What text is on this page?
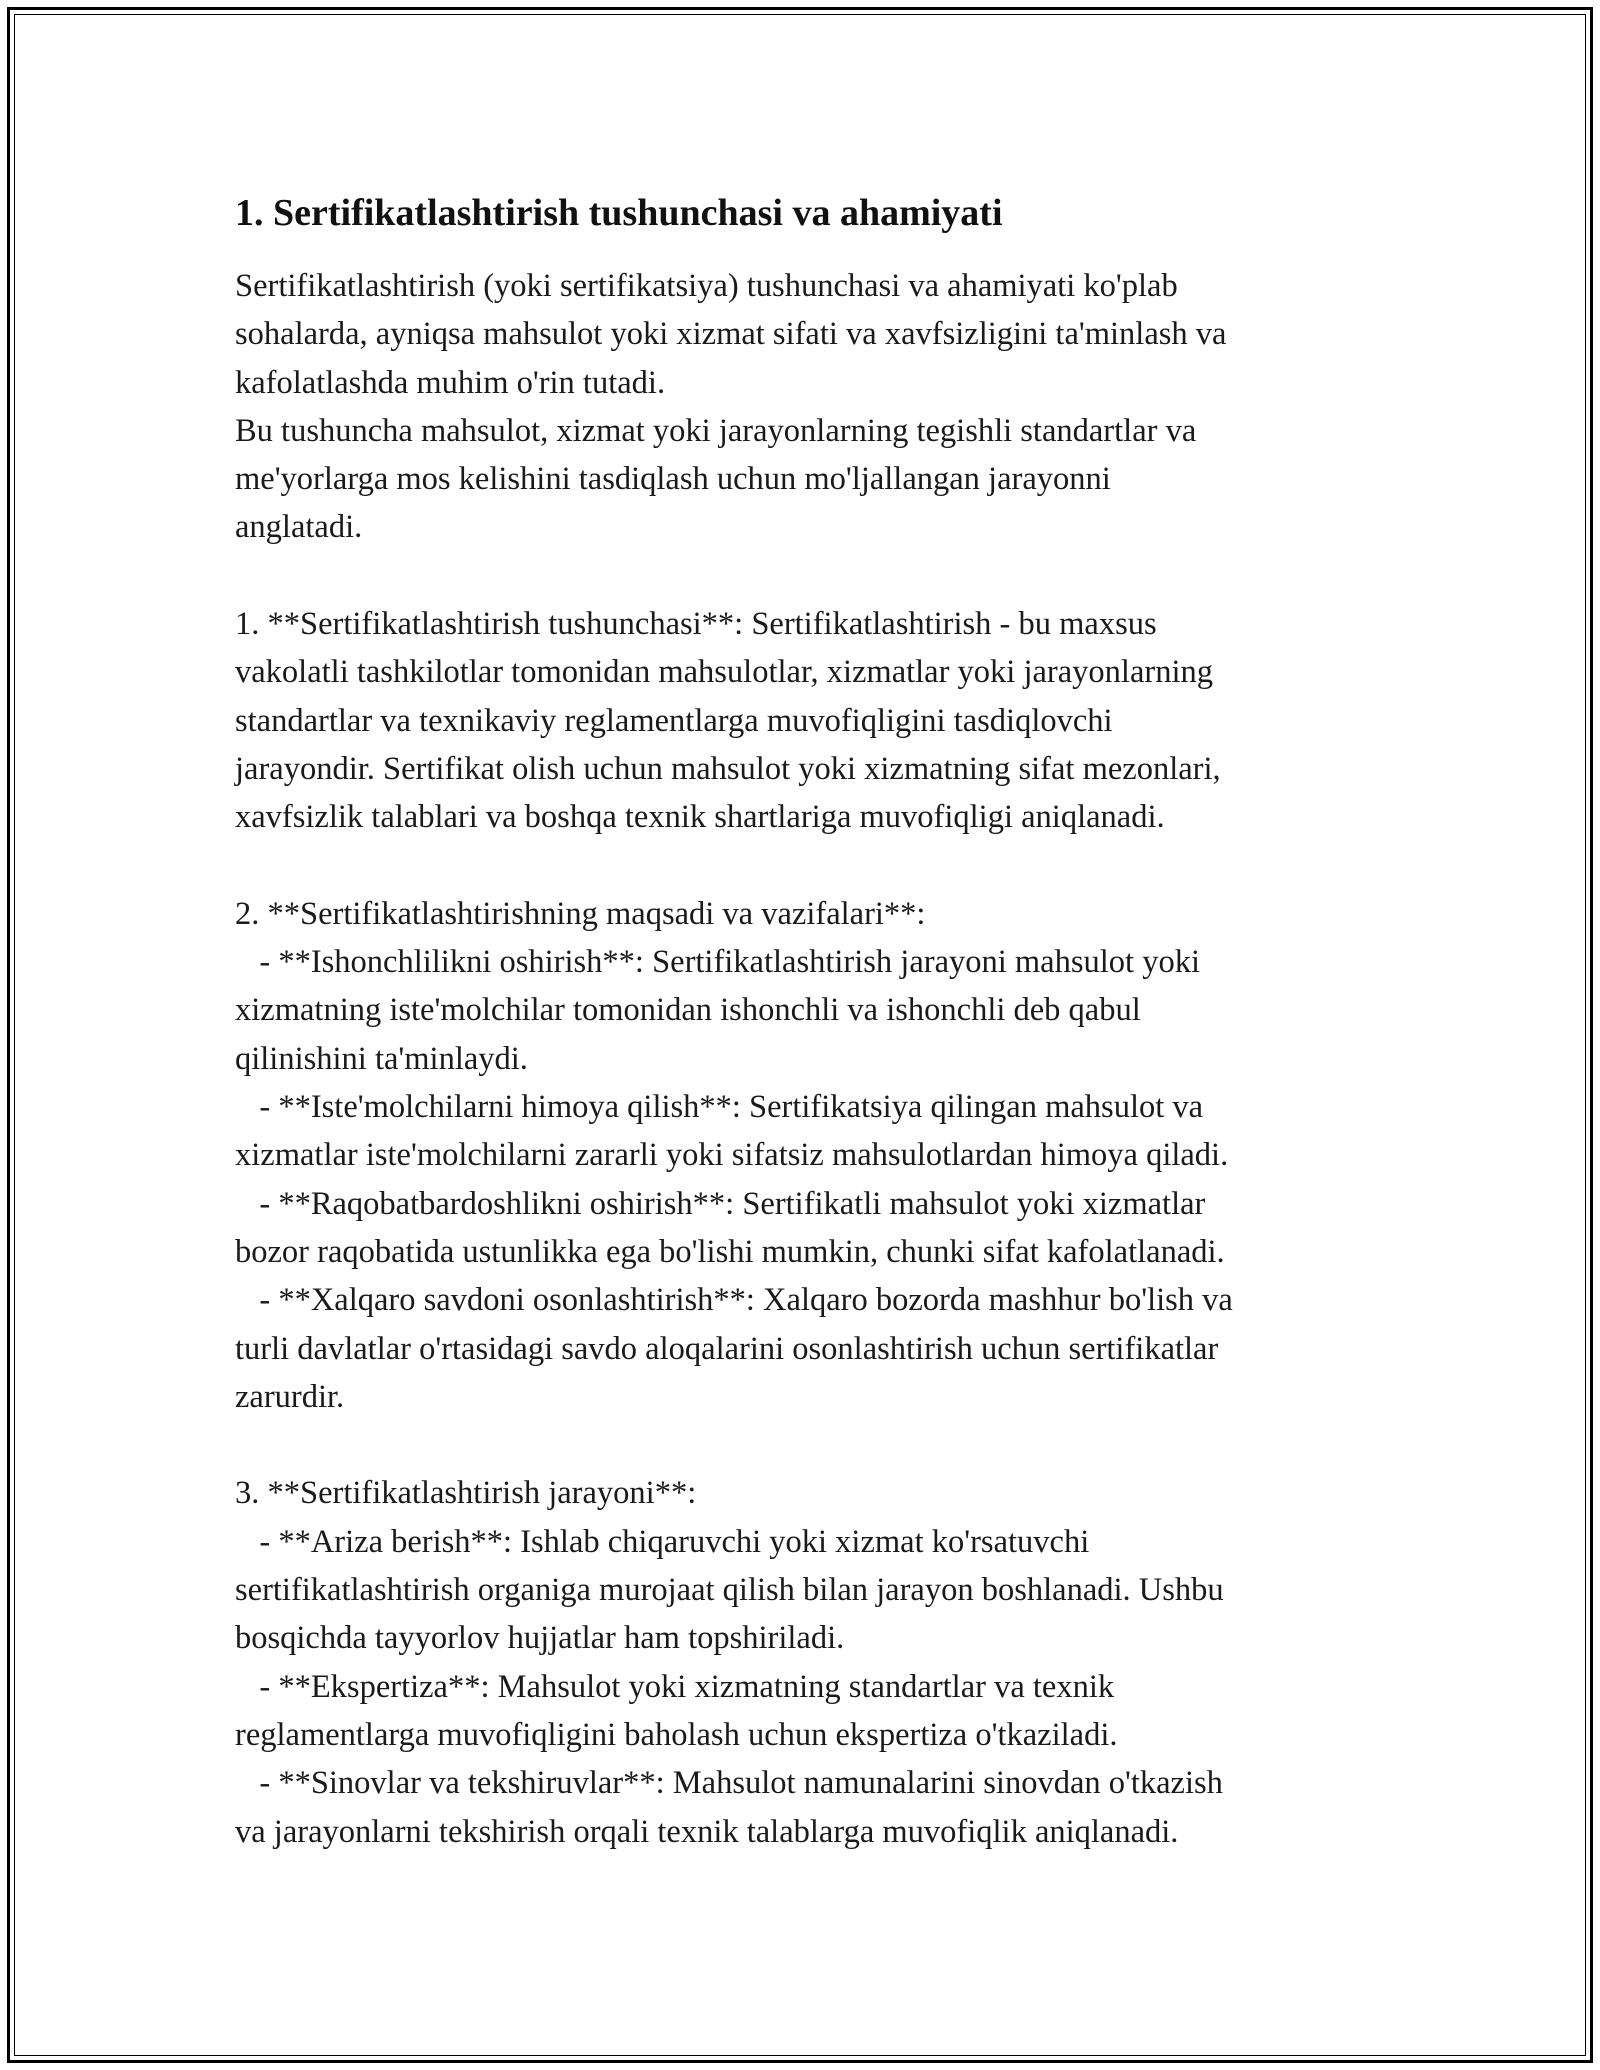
1. Sertifikatlashtirish tushunchasi va ahamiyati

Sertifikatlashtirish (yoki sertifikatsiya) tushunchasi va ahamiyati ko'plab
sohalarda, ayniqsa mahsulot yoki xizmat sifati va xavfsizligini ta'minlash va
kafolatlashda muhim o'rin tutadi.
Bu tushuncha mahsulot, xizmat yoki jarayonlarning tegishli standartlar va
me'yorlarga mos kelishini tasdiqlash uchun mo'ljallangan jarayonni
anglatadi.

1. **Sertifikatlashtirish tushunchasi**: Sertifikatlashtirish - bu maxsus
vakolatli tashkilotlar tomonidan mahsulotlar, xizmatlar yoki jarayonlarning
standartlar va texnikaviy reglamentlarga muvofiqligini tasdiqlovchi
jarayondir. Sertifikat olish uchun mahsulot yoki xizmatning sifat mezonlari,
xavfsizlik talablari va boshqa texnik shartlariga muvofiqligi aniqlanadi.

2. **Sertifikatlashtirishning maqsadi va vazifalari**:
- **Ishonchlilikni oshirish**: Sertifikatlashtirish jarayoni mahsulot yoki
xizmatning iste'molchilar tomonidan ishonchli va ishonchli deb qabul
qilinishini ta'minlaydi.
- **Iste'molchilarni himoya qilish**: Sertifikatsiya qilingan mahsulot va
xizmatlar iste'molchilarni zararli yoki sifatsiz mahsulotlardan himoya qiladi.
- **Raqobatbardoshlikni oshirish**: Sertifikatli mahsulot yoki xizmatlar
bozor raqobatida ustunlikka ega bo'lishi mumkin, chunki sifat kafolatlanadi.
- **Xalqaro savdoni osonlashtirish**: Xalqaro bozorda mashhur bo'lish va
turli davlatlar o'rtasidagi savdo aloqalarini osonlashtirish uchun sertifikatlar
zarurdir.

3. **Sertifikatlashtirish jarayoni**:
- **Ariza berish**: Ishlab chiqaruvchi yoki xizmat ko'rsatuvchi
sertifikatlashtirish organiga murojaat qilish bilan jarayon boshlanadi. Ushbu
bosqichda tayyorlov hujjatlar ham topshiriladi.
- **Ekspertiza**: Mahsulot yoki xizmatning standartlar va texnik
reglamentlarga muvofiqligini baholash uchun ekspertiza o'tkaziladi.
- **Sinovlar va tekshiruvlar**: Mahsulot namunalarini sinovdan o'tkazish
va jarayonlarni tekshirish orqali texnik talablarga muvofiqlik aniqlanadi.
